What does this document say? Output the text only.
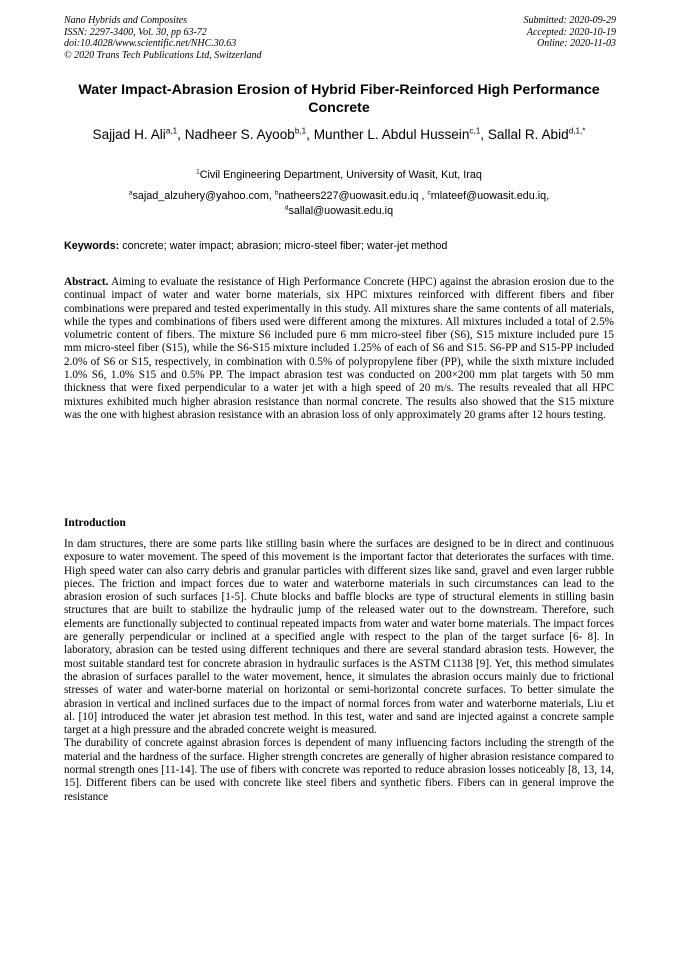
Nano Hybrids and Composites
ISSN: 2297-3400, Vol. 30, pp 63-72
doi:10.4028/www.scientific.net/NHC.30.63
© 2020 Trans Tech Publications Ltd, Switzerland
Submitted: 2020-09-29
Accepted: 2020-10-19
Online: 2020-11-03
Water Impact-Abrasion Erosion of Hybrid Fiber-Reinforced High Performance Concrete
Sajjad H. Ali$^{a,1}$, Nadheer S. Ayoob$^{b,1}$, Munther L. Abdul Hussein$^{c,1}$, Sallal R. Abid$^{d,1,*}$
$^1$Civil Engineering Department, University of Wasit, Kut, Iraq
$^a$sajad_alzuhery@yahoo.com, $^b$natheers227@uowasit.edu.iq , $^c$mlateef@uowasit.edu.iq, $^d$sallal@uowasit.edu.iq
Keywords: concrete; water impact; abrasion; micro-steel fiber; water-jet method
Abstract. Aiming to evaluate the resistance of High Performance Concrete (HPC) against the abrasion erosion due to the continual impact of water and water borne materials, six HPC mixtures reinforced with different fibers and fiber combinations were prepared and tested experimentally in this study. All mixtures share the same contents of all materials, while the types and combinations of fibers used were different among the mixtures. All mixtures included a total of 2.5% volumetric content of fibers. The mixture S6 included pure 6 mm micro-steel fiber (S6), S15 mixture included pure 15 mm micro-steel fiber (S15), while the S6-S15 mixture included 1.25% of each of S6 and S15. S6-PP and S15-PP included 2.0% of S6 or S15, respectively, in combination with 0.5% of polypropylene fiber (PP), while the sixth mixture included 1.0% S6, 1.0% S15 and 0.5% PP. The impact abrasion test was conducted on 200×200 mm plat targets with 50 mm thickness that were fixed perpendicular to a water jet with a high speed of 20 m/s. The results revealed that all HPC mixtures exhibited much higher abrasion resistance than normal concrete. The results also showed that the S15 mixture was the one with highest abrasion resistance with an abrasion loss of only approximately 20 grams after 12 hours testing.
Introduction

In dam structures, there are some parts like stilling basin where the surfaces are designed to be in direct and continuous exposure to water movement. The speed of this movement is the important factor that deteriorates the surfaces with time. High speed water can also carry debris and granular particles with different sizes like sand, gravel and even larger rubble pieces. The friction and impact forces due to water and waterborne materials in such circumstances can lead to the abrasion erosion of such surfaces [1-5]. Chute blocks and baffle blocks are type of structural elements in stilling basin structures that are built to stabilize the hydraulic jump of the released water out to the downstream. Therefore, such elements are functionally subjected to continual repeated impacts from water and water borne materials. The impact forces are generally perpendicular or inclined at a specified angle with respect to the plan of the target surface [6- 8]. In laboratory, abrasion can be tested using different techniques and there are several standard abrasion tests. However, the most suitable standard test for concrete abrasion in hydraulic surfaces is the ASTM C1138 [9]. Yet, this method simulates the abrasion of surfaces parallel to the water movement, hence, it simulates the abrasion occurs mainly due to frictional stresses of water and water-borne material on horizontal or semi-horizontal concrete surfaces. To better simulate the abrasion in vertical and inclined surfaces due to the impact of normal forces from water and waterborne materials, Liu et al. [10] introduced the water jet abrasion test method. In this test, water and sand are injected against a concrete sample target at a high pressure and the abraded concrete weight is measured.

The durability of concrete against abrasion forces is dependent of many influencing factors including the strength of the material and the hardness of the surface. Higher strength concretes are generally of higher abrasion resistance compared to normal strength ones [11-14]. The use of fibers with concrete was reported to reduce abrasion losses noticeably [8, 13, 14, 15]. Different fibers can be used with concrete like steel fibers and synthetic fibers. Fibers can in general improve the resistance
